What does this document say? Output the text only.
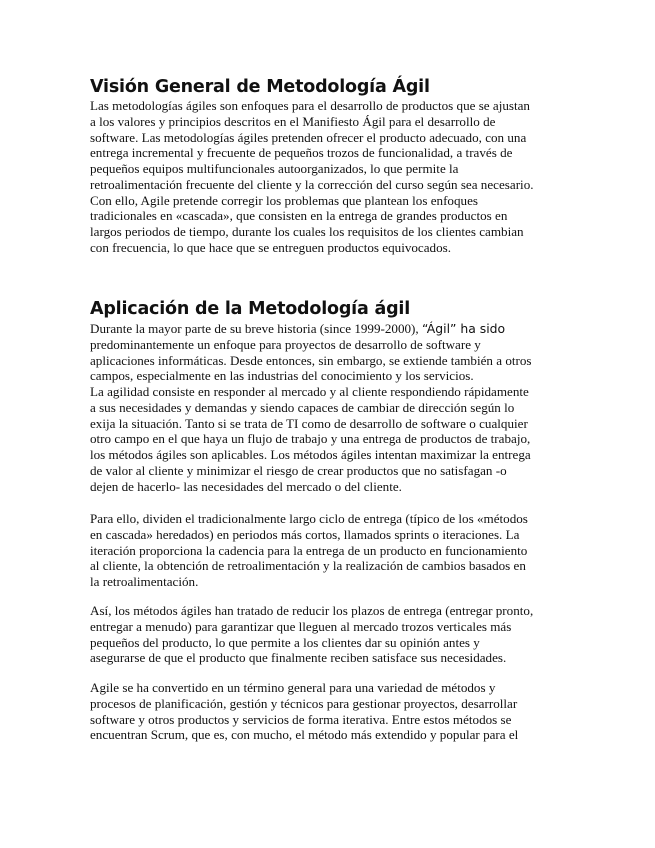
Visión General de Metodología Ágil
Las metodologías ágiles son enfoques para el desarrollo de productos que se ajustan
a los valores y principios descritos en el Manifiesto Ágil para el desarrollo de
software. Las metodologías ágiles pretenden ofrecer el producto adecuado, con una
entrega incremental y frecuente de pequeños trozos de funcionalidad, a través de
pequeños equipos multifuncionales autoorganizados, lo que permite la
retroalimentación frecuente del cliente y la corrección del curso según sea necesario.
Con ello, Agile pretende corregir los problemas que plantean los enfoques
tradicionales en «cascada», que consisten en la entrega de grandes productos en
largos periodos de tiempo, durante los cuales los requisitos de los clientes cambian
con frecuencia, lo que hace que se entreguen productos equivocados.
Aplicación de la Metodología ágil
Durante la mayor parte de su breve historia (since 1999-2000), “Ágil” ha sido
predominantemente un enfoque para proyectos de desarrollo de software y
aplicaciones informáticas. Desde entonces, sin embargo, se extiende también a otros
campos, especialmente en las industrias del conocimiento y los servicios.
La agilidad consiste en responder al mercado y al cliente respondiendo rápidamente
a sus necesidades y demandas y siendo capaces de cambiar de dirección según lo
exija la situación. Tanto si se trata de TI como de desarrollo de software o cualquier
otro campo en el que haya un flujo de trabajo y una entrega de productos de trabajo,
los métodos ágiles son aplicables. Los métodos ágiles intentan maximizar la entrega
de valor al cliente y minimizar el riesgo de crear productos que no satisfagan -o
dejen de hacerlo- las necesidades del mercado o del cliente.
Para ello, dividen el tradicionalmente largo ciclo de entrega (típico de los «métodos
en cascada» heredados) en periodos más cortos, llamados sprints o iteraciones. La
iteración proporciona la cadencia para la entrega de un producto en funcionamiento
al cliente, la obtención de retroalimentación y la realización de cambios basados en
la retroalimentación.
Así, los métodos ágiles han tratado de reducir los plazos de entrega (entregar pronto,
entregar a menudo) para garantizar que lleguen al mercado trozos verticales más
pequeños del producto, lo que permite a los clientes dar su opinión antes y
asegurarse de que el producto que finalmente reciben satisface sus necesidades.
Agile se ha convertido en un término general para una variedad de métodos y
procesos de planificación, gestión y técnicos para gestionar proyectos, desarrollar
software y otros productos y servicios de forma iterativa. Entre estos métodos se
encuentran Scrum, que es, con mucho, el método más extendido y popular para el
